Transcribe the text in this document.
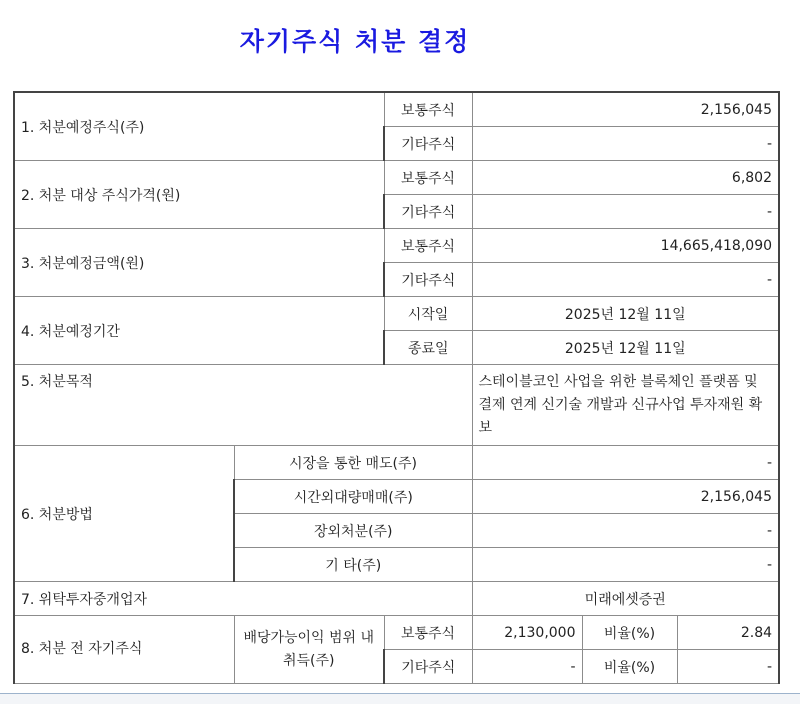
자기주식 처분 결정
1. 처분예정주식(주)		보통주식	2,156,045		
		기타주식	-		
2. 처분 대상 주식가격(원)		보통주식	6,802		
		기타주식	-		
3. 처분예정금액(원)		보통주식	14,665,418,090		
		기타주식	-		
4. 처분예정기간		시작일	2025년 12월 11일		
		종료일	2025년 12월 11일		
5. 처분목적			스테이블코인 사업을 위한 블록체인 플랫폼 및 결제 연계 신기술 개발과 신규사업 투자재원 확보		
6. 처분방법	시장을 통한 매도(주)		-		
	시간외대량매매(주)		2,156,045		
	장외처분(주)		-		
	기 타(주)		-		
7. 위탁투자중개업자			미래에셋증권		
8. 처분 전 자기주식	배당가능이익 범위 내 취득(주)	보통주식	2,130,000	비율(%)	2.84
		기타주식	-	비율(%)	-
